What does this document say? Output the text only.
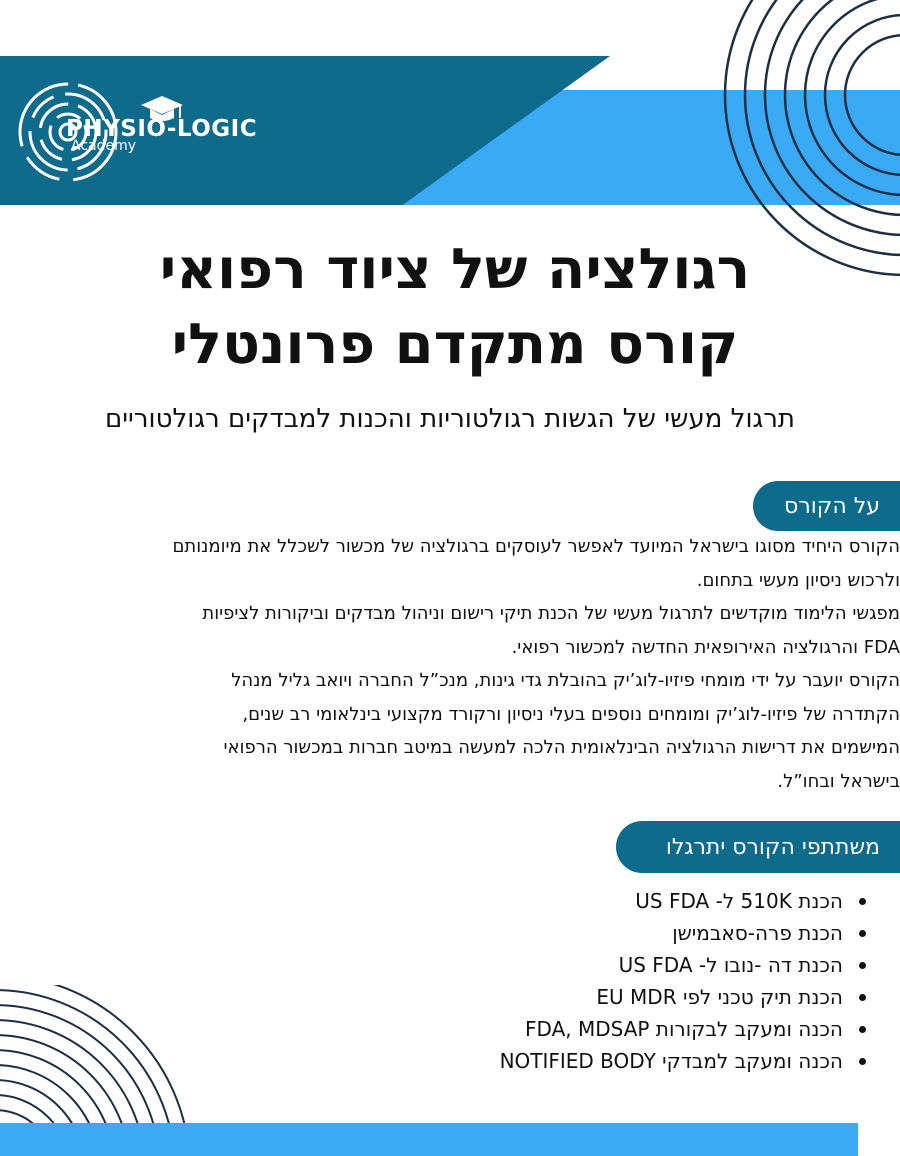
PHYSIO-LOGIC
Academy
רגולציה של ציוד רפואי
קורס מתקדם פרונטלי
תרגול מעשי של הגשות רגולטוריות והכנות למבדקים רגולטוריים
על הקורס

הקורס היחיד מסוגו בישראל המיועד לאפשר לעוסקים ברגולציה של מכשור לשכלל את מיומנותם

ולרכוש ניסיון מעשי בתחום.

מפגשי הלימוד מוקדשים לתרגול מעשי של הכנת תיקי רישום וניהול מבדקים וביקורות לציפיות

FDA והרגולציה האירופאית החדשה למכשור רפואי.

הקורס יועבר על ידי מומחי פיזיו-לוג’יק בהובלת גדי גינות, מנכ”ל החברה ויואב גליל מנהל

הקתדרה של פיזיו-לוג’יק ומומחים נוספים בעלי ניסיון ורקורד מקצועי בינלאומי רב שנים,

המישמים את דרישות הרגולציה הבינלאומית הלכה למעשה במיטב חברות במכשור הרפואי

בישראל ובחו”ל.

משתתפי הקורס יתרגלו
הכנת 510K ל- US FDA
הכנת פרה-סאבמישן
הכנת דה -נובו ל- US FDA
הכנת תיק טכני לפי EU MDR
הכנה ומעקב לבקורות FDA, MDSAP
הכנה ומעקב למבדקי NOTIFIED BODY
